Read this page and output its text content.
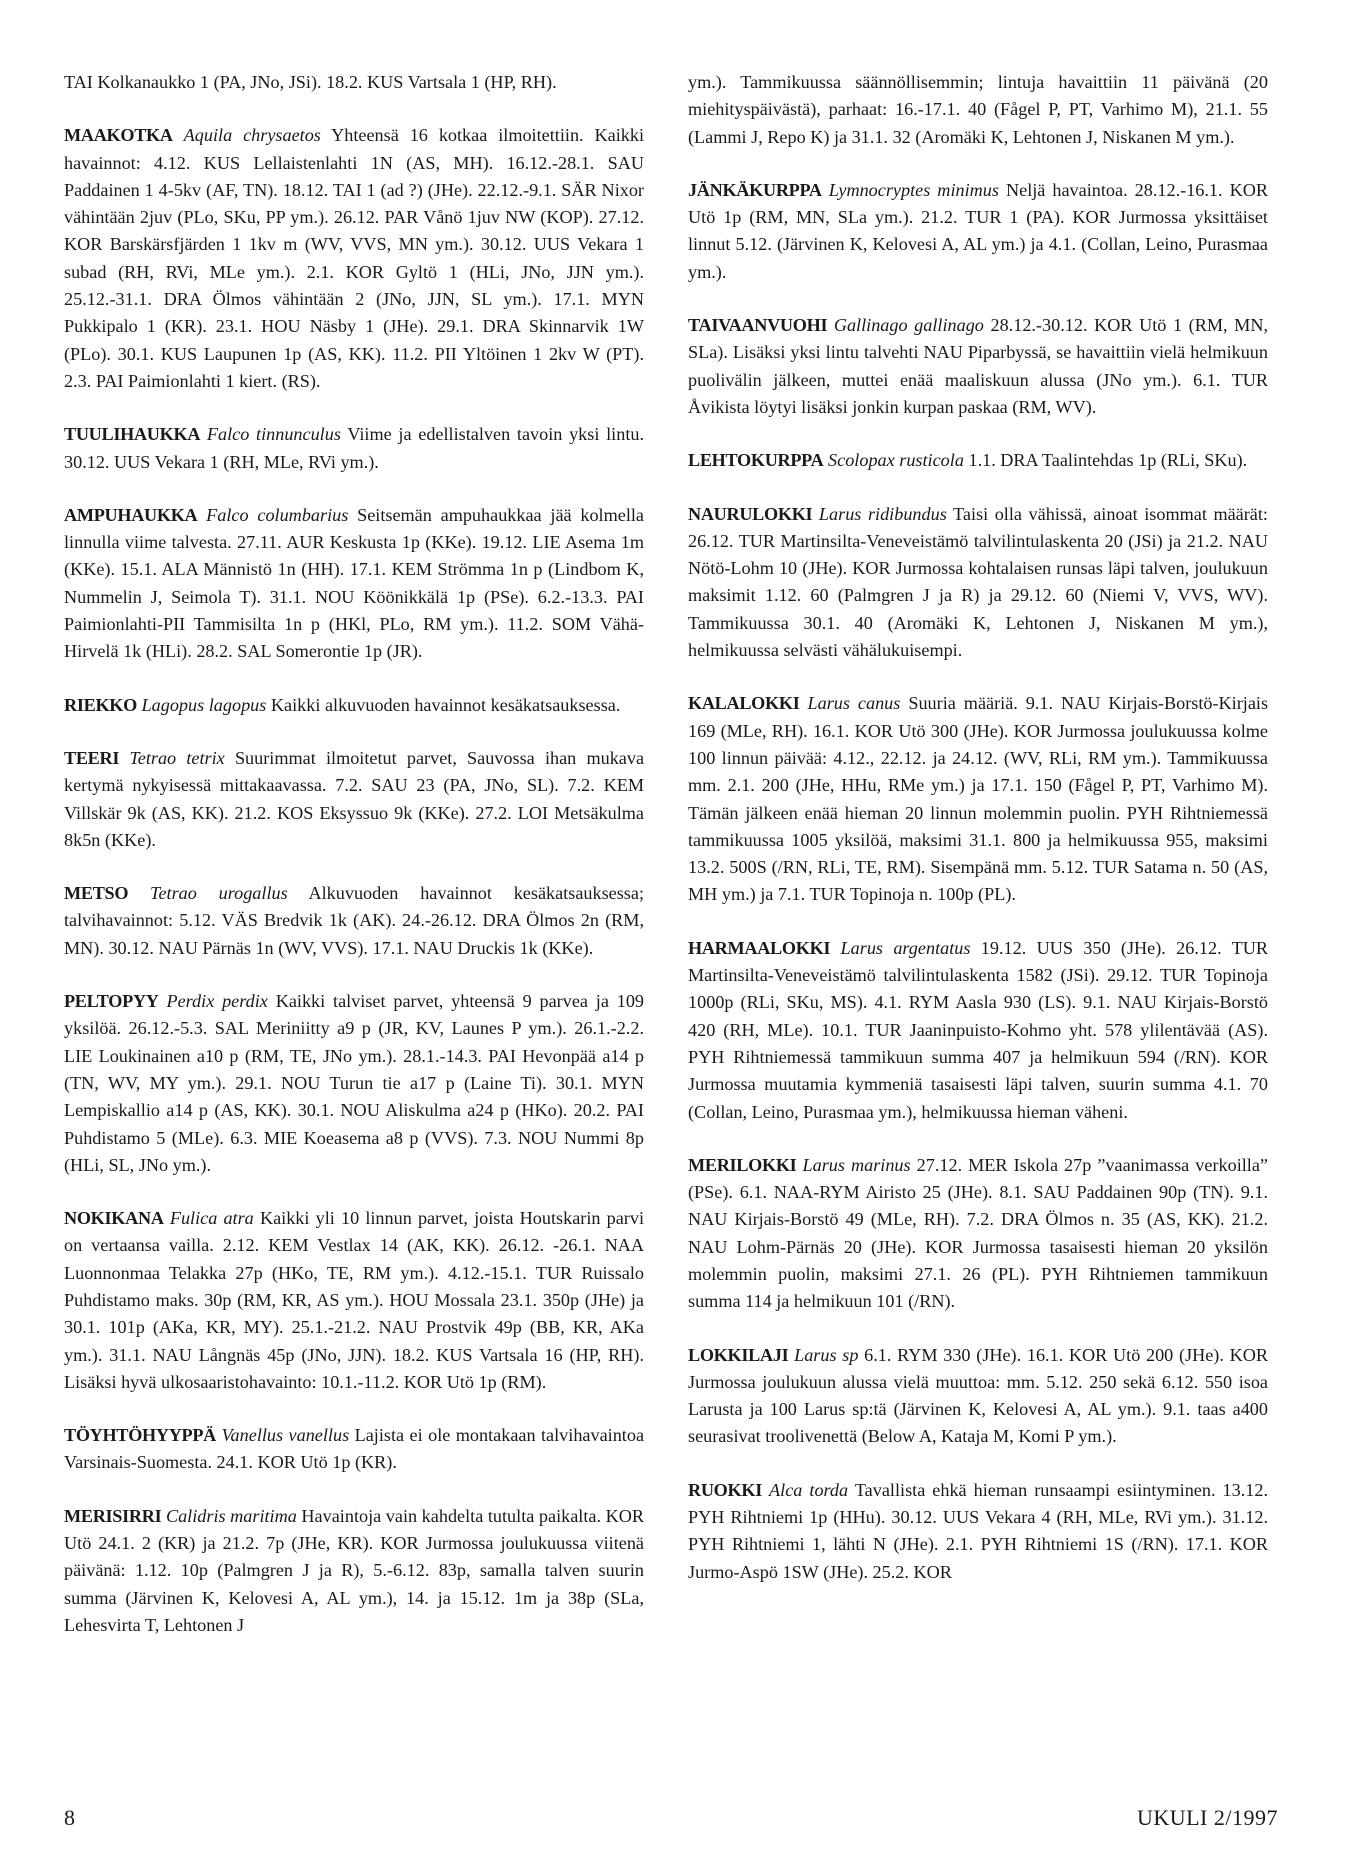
TAI Kolkanaukko 1 (PA, JNo, JSi). 18.2. KUS Vartsala 1 (HP, RH).

MAAKOTKA Aquila chrysaetos Yhteensä 16 kotkaa ilmoitettiin. Kaikki havainnot: 4.12. KUS Lellaistenlahti 1N (AS, MH). 16.12.-28.1. SAU Paddainen 1 4-5kv (AF, TN). 18.12. TAI 1 (ad ?) (JHe). 22.12.-9.1. SÄR Nixor vähintään 2juv (PLo, SKu, PP ym.). 26.12. PAR Vånö 1juv NW (KOP). 27.12. KOR Barskärsfjärden 1 1kv m (WV, VVS, MN ym.). 30.12. UUS Vekara 1 subad (RH, RVi, MLe ym.). 2.1. KOR Gyltö 1 (HLi, JNo, JJN ym.). 25.12.-31.1. DRA Ölmos vähintään 2 (JNo, JJN, SL ym.). 17.1. MYN Pukkipalo 1 (KR). 23.1. HOU Näsby 1 (JHe). 29.1. DRA Skinnarvik 1W (PLo). 30.1. KUS Laupunen 1p (AS, KK). 11.2. PII Yltöinen 1 2kv W (PT). 2.3. PAI Paimionlahti 1 kiert. (RS).

TUULIHAUKKA Falco tinnunculus Viime ja edellistalven tavoin yksi lintu. 30.12. UUS Vekara 1 (RH, MLe, RVi ym.).

AMPUHAUKKA Falco columbarius Seitsemän ampuhaukkaa jää kolmella linnulla viime talvesta. 27.11. AUR Keskusta 1p (KKe). 19.12. LIE Asema 1m (KKe). 15.1. ALA Männistö 1n (HH). 17.1. KEM Strömma 1n p (Lindbom K, Nummelin J, Seimola T). 31.1. NOU Köönikkälä 1p (PSe). 6.2.-13.3. PAI Paimionlahti-PII Tammisilta 1n p (HKl, PLo, RM ym.). 11.2. SOM Vähä-Hirvelä 1k (HLi). 28.2. SAL Somerontie 1p (JR).

RIEKKO Lagopus lagopus Kaikki alkuvuoden havainnot kesäkatsauksessa.

TEERI Tetrao tetrix Suurimmat ilmoitetut parvet, Sauvossa ihan mukava kertymä nykyisessä mittakaavassa. 7.2. SAU 23 (PA, JNo, SL). 7.2. KEM Villskär 9k (AS, KK). 21.2. KOS Eksyssuo 9k (KKe). 27.2. LOI Metsäkulma 8k5n (KKe).

METSO Tetrao urogallus Alkuvuoden havainnot kesäkatsauksessa; talvihavainnot: 5.12. VÄS Bredvik 1k (AK). 24.-26.12. DRA Ölmos 2n (RM, MN). 30.12. NAU Pärnäs 1n (WV, VVS). 17.1. NAU Druckis 1k (KKe).

PELTOPYY Perdix perdix Kaikki talviset parvet, yhteensä 9 parvea ja 109 yksilöä. 26.12.-5.3. SAL Meriniitty a9 p (JR, KV, Launes P ym.). 26.1.-2.2. LIE Loukinainen a10 p (RM, TE, JNo ym.). 28.1.-14.3. PAI Hevonpää a14 p (TN, WV, MY ym.). 29.1. NOU Turun tie a17 p (Laine Ti). 30.1. MYN Lempiskallio a14 p (AS, KK). 30.1. NOU Aliskulma a24 p (HKo). 20.2. PAI Puhdistamo 5 (MLe). 6.3. MIE Koeasema a8 p (VVS). 7.3. NOU Nummi 8p (HLi, SL, JNo ym.).

NOKIKANA Fulica atra Kaikki yli 10 linnun parvet, joista Houtskarin parvi on vertaansa vailla. 2.12. KEM Vestlax 14 (AK, KK). 26.12. -26.1. NAA Luonnonmaa Telakka 27p (HKo, TE, RM ym.). 4.12.-15.1. TUR Ruissalo Puhdistamo maks. 30p (RM, KR, AS ym.). HOU Mossala 23.1. 350p (JHe) ja 30.1. 101p (AKa, KR, MY). 25.1.-21.2. NAU Prostvik 49p (BB, KR, AKa ym.). 31.1. NAU Långnäs 45p (JNo, JJN). 18.2. KUS Vartsala 16 (HP, RH). Lisäksi hyvä ulkosaaristohavainto: 10.1.-11.2. KOR Utö 1p (RM).

TÖYHTÖHYYPPÄ Vanellus vanellus Lajista ei ole montakaan talvihavaintoa Varsinais-Suomesta. 24.1. KOR Utö 1p (KR).

MERISIRRI Calidris maritima Havaintoja vain kahdelta tutulta paikalta. KOR Utö 24.1. 2 (KR) ja 21.2. 7p (JHe, KR). KOR Jurmossa joulukuussa viitenä päivänä: 1.12. 10p (Palmgren J ja R), 5.-6.12. 83p, samalla talven suurin summa (Järvinen K, Kelovesi A, AL ym.), 14. ja 15.12. 1m ja 38p (SLa, Lehesvirta T, Lehtonen J

ym.). Tammikuussa säännöllisemmin; lintuja havaittiin 11 päivänä (20 miehityspäivästä), parhaat: 16.-17.1. 40 (Fågel P, PT, Varhimo M), 21.1. 55 (Lammi J, Repo K) ja 31.1. 32 (Aromäki K, Lehtonen J, Niskanen M ym.).

JÄNKÄKURPPA Lymnocryptes minimus Neljä havaintoa. 28.12.-16.1. KOR Utö 1p (RM, MN, SLa ym.). 21.2. TUR 1 (PA). KOR Jurmossa yksittäiset linnut 5.12. (Järvinen K, Kelovesi A, AL ym.) ja 4.1. (Collan, Leino, Purasmaa ym.).

TAIVAANVUOHI Gallinago gallinago 28.12.-30.12. KOR Utö 1 (RM, MN, SLa). Lisäksi yksi lintu talvehti NAU Piparbyssä, se havaittiin vielä helmikuun puolivälin jälkeen, muttei enää maaliskuun alussa (JNo ym.). 6.1. TUR Åvikista löytyi lisäksi jonkin kurpan paskaa (RM, WV).

LEHTOKURPPA Scolopax rusticola 1.1. DRA Taalintehdas 1p (RLi, SKu).

NAURULOKKI Larus ridibundus Taisi olla vähissä, ainoat isommat määrät: 26.12. TUR Martinsilta-Veneveistämö talvilintulaskenta 20 (JSi) ja 21.2. NAU Nötö-Lohm 10 (JHe). KOR Jurmossa kohtalaisen runsas läpi talven, joulukuun maksimit 1.12. 60 (Palmgren J ja R) ja 29.12. 60 (Niemi V, VVS, WV). Tammikuussa 30.1. 40 (Aromäki K, Lehtonen J, Niskanen M ym.), helmikuussa selvästi vähälukuisempi.

KALALOKKI Larus canus Suuria määriä. 9.1. NAU Kirjais-Borstö-Kirjais 169 (MLe, RH). 16.1. KOR Utö 300 (JHe). KOR Jurmossa joulukuussa kolme 100 linnun päivää: 4.12., 22.12. ja 24.12. (WV, RLi, RM ym.). Tammikuussa mm. 2.1. 200 (JHe, HHu, RMe ym.) ja 17.1. 150 (Fågel P, PT, Varhimo M). Tämän jälkeen enää hieman 20 linnun molemmin puolin. PYH Rihtniemessä tammikuussa 1005 yksilöä, maksimi 31.1. 800 ja helmikuussa 955, maksimi 13.2. 500S (/RN, RLi, TE, RM). Sisempänä mm. 5.12. TUR Satama n. 50 (AS, MH ym.) ja 7.1. TUR Topinoja n. 100p (PL).

HARMAALOKKI Larus argentatus 19.12. UUS 350 (JHe). 26.12. TUR Martinsilta-Veneveistämö talvilintulaskenta 1582 (JSi). 29.12. TUR Topinoja 1000p (RLi, SKu, MS). 4.1. RYM Aasla 930 (LS). 9.1. NAU Kirjais-Borstö 420 (RH, MLe). 10.1. TUR Jaaninpuisto-Kohmo yht. 578 ylilentävää (AS). PYH Rihtniemessä tammikuun summa 407 ja helmikuun 594 (/RN). KOR Jurmossa muutamia kymmeniä tasaisesti läpi talven, suurin summa 4.1. 70 (Collan, Leino, Purasmaa ym.), helmikuussa hieman väheni.

MERILOKKI Larus marinus 27.12. MER Iskola 27p ”vaanimassa verkoilla” (PSe). 6.1. NAA-RYM Airisto 25 (JHe). 8.1. SAU Paddainen 90p (TN). 9.1. NAU Kirjais-Borstö 49 (MLe, RH). 7.2. DRA Ölmos n. 35 (AS, KK). 21.2. NAU Lohm-Pärnäs 20 (JHe). KOR Jurmossa tasaisesti hieman 20 yksilön molemmin puolin, maksimi 27.1. 26 (PL). PYH Rihtniemen tammikuun summa 114 ja helmikuun 101 (/RN).

LOKKILAJI Larus sp 6.1. RYM 330 (JHe). 16.1. KOR Utö 200 (JHe). KOR Jurmossa joulukuun alussa vielä muuttoa: mm. 5.12. 250 sekä 6.12. 550 isoa Larusta ja 100 Larus sp:tä (Järvinen K, Kelovesi A, AL ym.). 9.1. taas a400 seurasivat troolivenettä (Below A, Kataja M, Komi P ym.).

RUOKKI Alca torda Tavallista ehkä hieman runsaampi esiintyminen. 13.12. PYH Rihtniemi 1p (HHu). 30.12. UUS Vekara 4 (RH, MLe, RVi ym.). 31.12. PYH Rihtniemi 1, lähti N (JHe). 2.1. PYH Rihtniemi 1S (/RN). 17.1. KOR Jurmo-Aspö 1SW (JHe). 25.2. KOR

8	UKULI 2/1997
